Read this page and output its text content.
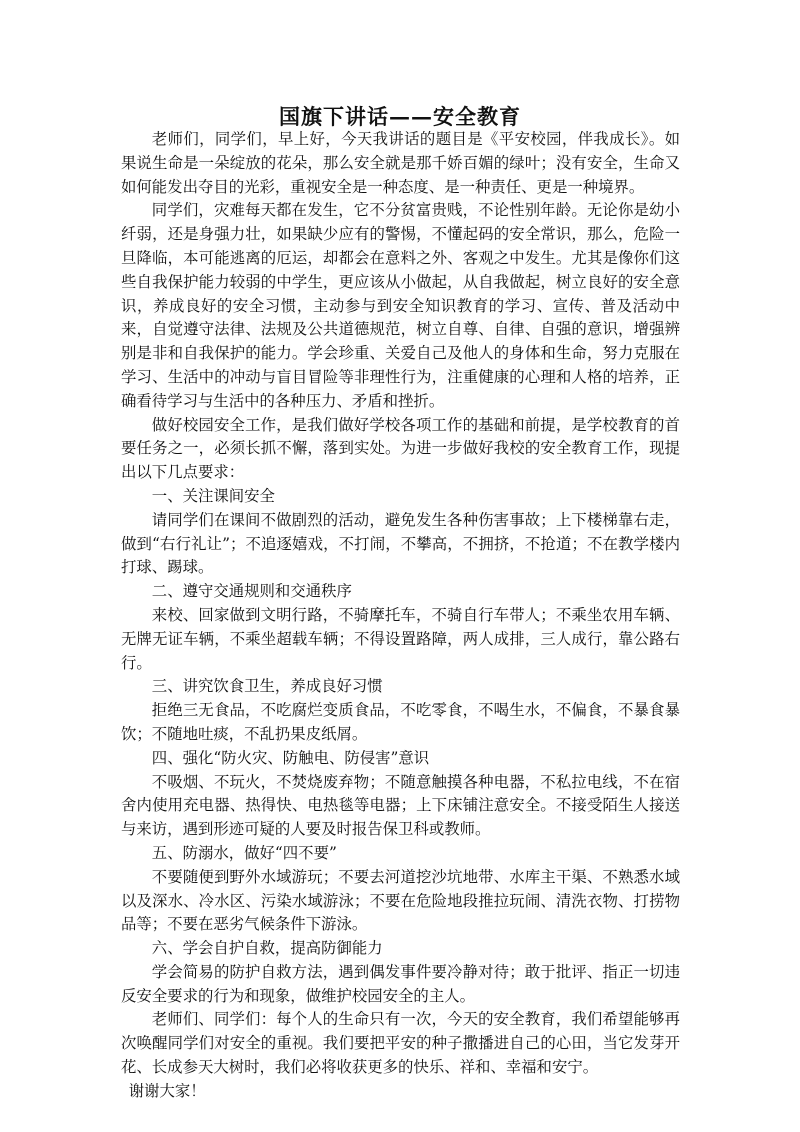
国旗下讲话——安全教育

老师们，同学们，早上好，今天我讲话的题目是《平安校园，伴我成长》。如果说生命是一朵绽放的花朵，那么安全就是那千娇百媚的绿叶；没有安全，生命又如何能发出夺目的光彩，重视安全是一种态度、是一种责任、更是一种境界。

同学们，灾难每天都在发生，它不分贫富贵贱，不论性别年龄。无论你是幼小纤弱，还是身强力壮，如果缺少应有的警惕，不懂起码的安全常识，那么，危险一旦降临，本可能逃离的厄运，却都会在意料之外、客观之中发生。尤其是像你们这些自我保护能力较弱的中学生，更应该从小做起，从自我做起，树立良好的安全意识，养成良好的安全习惯，主动参与到安全知识教育的学习、宣传、普及活动中来，自觉遵守法律、法规及公共道德规范，树立自尊、自律、自强的意识，增强辨别是非和自我保护的能力。学会珍重、关爱自己及他人的身体和生命，努力克服在学习、生活中的冲动与盲目冒险等非理性行为，注重健康的心理和人格的培养，正确看待学习与生活中的各种压力、矛盾和挫折。

做好校园安全工作，是我们做好学校各项工作的基础和前提，是学校教育的首要任务之一，必须长抓不懈，落到实处。为进一步做好我校的安全教育工作，现提出以下几点要求：

一、关注课间安全

请同学们在课间不做剧烈的活动，避免发生各种伤害事故；上下楼梯靠右走，做到“右行礼让”；不追逐嬉戏，不打闹，不攀高，不拥挤，不抢道；不在教学楼内打球、踢球。

二、遵守交通规则和交通秩序

来校、回家做到文明行路，不骑摩托车，不骑自行车带人；不乘坐农用车辆、无牌无证车辆，不乘坐超载车辆；不得设置路障，两人成排，三人成行，靠公路右行。

三、讲究饮食卫生，养成良好习惯

拒绝三无食品，不吃腐烂变质食品，不吃零食，不喝生水，不偏食，不暴食暴饮；不随地吐痰，不乱扔果皮纸屑。

四、强化“防火灾、防触电、防侵害”意识

不吸烟、不玩火，不焚烧废弃物；不随意触摸各种电器，不私拉电线，不在宿舍内使用充电器、热得快、电热毯等电器；上下床铺注意安全。不接受陌生人接送与来访，遇到形迹可疑的人要及时报告保卫科或教师。

五、防溺水，做好“四不要”

不要随便到野外水域游玩；不要去河道挖沙坑地带、水库主干渠、不熟悉水域以及深水、冷水区、污染水域游泳；不要在危险地段推拉玩闹、清洗衣物、打捞物品等；不要在恶劣气候条件下游泳。

六、学会自护自救，提高防御能力

学会简易的防护自救方法，遇到偶发事件要冷静对待；敢于批评、指正一切违反安全要求的行为和现象，做维护校园安全的主人。

老师们、同学们：每个人的生命只有一次，今天的安全教育，我们希望能够再次唤醒同学们对安全的重视。我们要把平安的种子撒播进自己的心田，当它发芽开花、长成参天大树时，我们必将收获更多的快乐、祥和、幸福和安宁。

谢谢大家！
